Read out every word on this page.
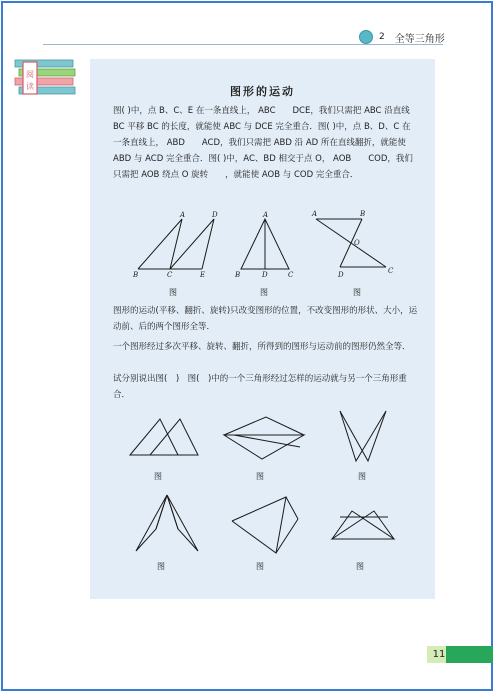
2 全等三角形
阅
读	图形的运动
图( )中，点 B、C、E 在一条直线上， ABC　　DCE，我们只需把 ABC 沿直线 BC 平移 BC 的长度，就能使 ABC 与 DCE 完全重合．图( )中，点 B、D、C 在一条直线上， ABD　　ACD，我们只需把 ABD 沿 AD 所在直线翻折，就能使 ABD 与 ACD 完全重合．图( )中，AC、BD 相交于点 O， AOB　　COD，我们只需把 AOB 绕点 O 旋转　　，就能使 AOB 与 COD 完全重合．
A	D
B	C	E
图
A
B	D	C
图
A	B
O
D	C
图
图形的运动(平移、翻折、旋转)只改变图形的位置，不改变图形的形状、大小，运动前、后的两个图形全等．
一个图形经过多次平移、旋转、翻折，所得到的图形与运动前的图形仍然全等．
试分别说出图(　)　图(　)中的一个三角形经过怎样的运动就与另一个三角形重合．
图	图	图
图	图	图
11
